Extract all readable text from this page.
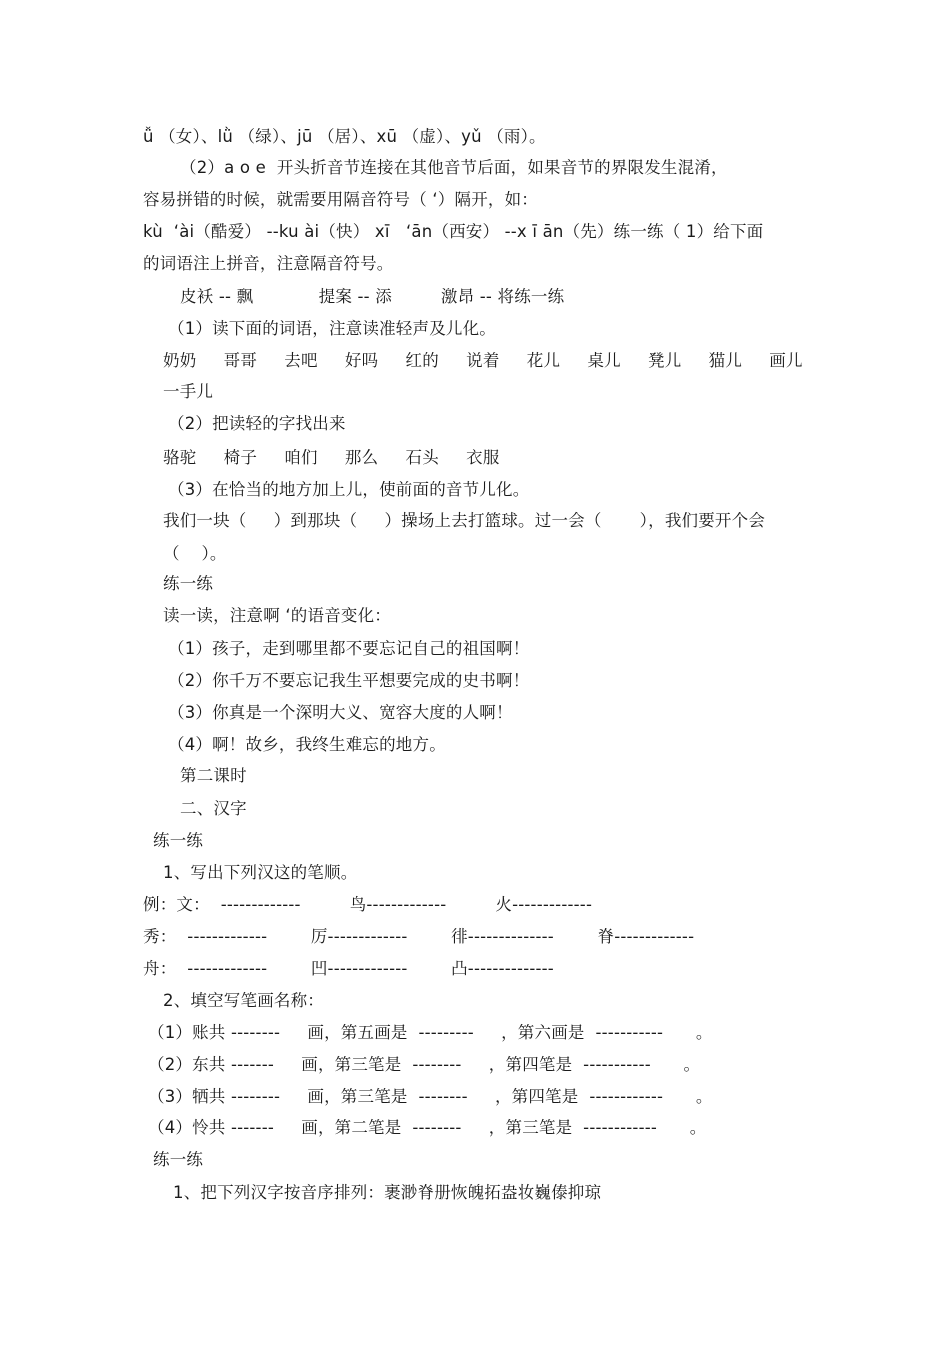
ǚ （女）、lǜ （绿）、jū （居）、xū （虚）、yǔ （雨）。
（2）a o e  开头折音节连接在其他音节后面，如果音节的界限发生混淆，
容易拼错的时候，就需要用隔音符号（ ‘）隔开，如：
kù  ‘ài（酷爱） --ku ài（快） xī   ‘ān（西安） --x ī ān（先）练一练（ 1）给下面
的词语注上拼音，注意隔音符号。
皮袄 -- 飘            提案 -- 添         激昂 -- 将练一练
（1）读下面的词语，注意读准轻声及儿化。
奶奶     哥哥     去吧     好吗     红的     说着     花儿     桌儿     凳儿     猫儿     画儿
一手儿
（2）把读轻的字找出来
骆驼     椅子     咱们     那么     石头     衣服
（3）在恰当的地方加上儿，使前面的音节儿化。
我们一块（     ）到那块（     ）操场上去打篮球。过一会（       ），我们要开个会
（    ）。
练一练
读一读，注意啊 ‘的语音变化：
（1）孩子，走到哪里都不要忘记自己的祖国啊！
（2）你千万不要忘记我生平想要完成的史书啊！
（3）你真是一个深明大义、宽容大度的人啊！
（4）啊！故乡，我终生难忘的地方。
第二课时
二、汉字
练一练
1、写出下列汉这的笔顺。
例：文：  -------------         鸟-------------         火-------------
秀：  -------------        厉-------------        徘--------------        脊-------------
舟：  -------------        凹-------------        凸--------------
2、填空写笔画名称：
（1）账共 --------     画，第五画是  ---------     ，第六画是  -----------      。
（2）东共 -------     画，第三笔是  --------     ，第四笔是  -----------      。
（3）牺共 --------     画，第三笔是  --------     ，第四笔是  ------------      。
（4）怜共 -------     画，第二笔是  --------     ，第三笔是  ------------      。
练一练
1、把下列汉字按音序排列：裹渺脊册恢魄拓盎妆巍傣抑琼
